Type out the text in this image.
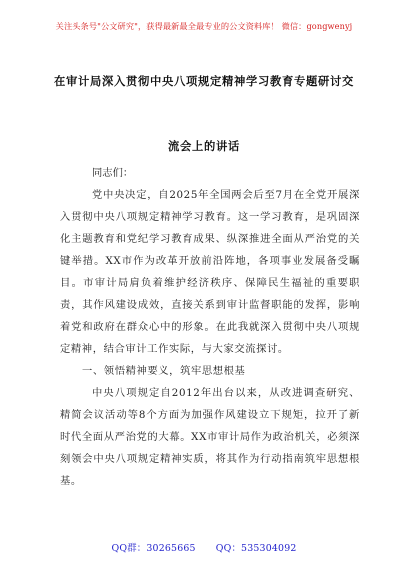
关注头条号"公文研究"，获得最新最全最专业的公文资料库！ 微信：gongwenyj
在审计局深入贯彻中央八项规定精神学习教育专题研讨交
流会上的讲话

同志们：

党中央决定，自2025年全国两会后至7月在全党开展深入贯彻中央八项规定精神学习教育。这一学习教育，是巩固深化主题教育和党纪学习教育成果、纵深推进全面从严治党的关键举措。XX市作为改革开放前沿阵地，各项事业发展备受瞩目。市审计局肩负着维护经济秩序、保障民生福祉的重要职责，其作风建设成效，直接关系到审计监督职能的发挥，影响着党和政府在群众心中的形象。在此我就深入贯彻中央八项规定精神，结合审计工作实际，与大家交流探讨。

一、领悟精神要义，筑牢思想根基

中央八项规定自2012年出台以来，从改进调查研究、精简会议活动等8个方面为加强作风建设立下规矩，拉开了新时代全面从严治党的大幕。XX市审计局作为政治机关，必须深刻领会中央八项规定精神实质，将其作为行动指南筑牢思想根基。

QQ群：30265665 QQ：535304092
